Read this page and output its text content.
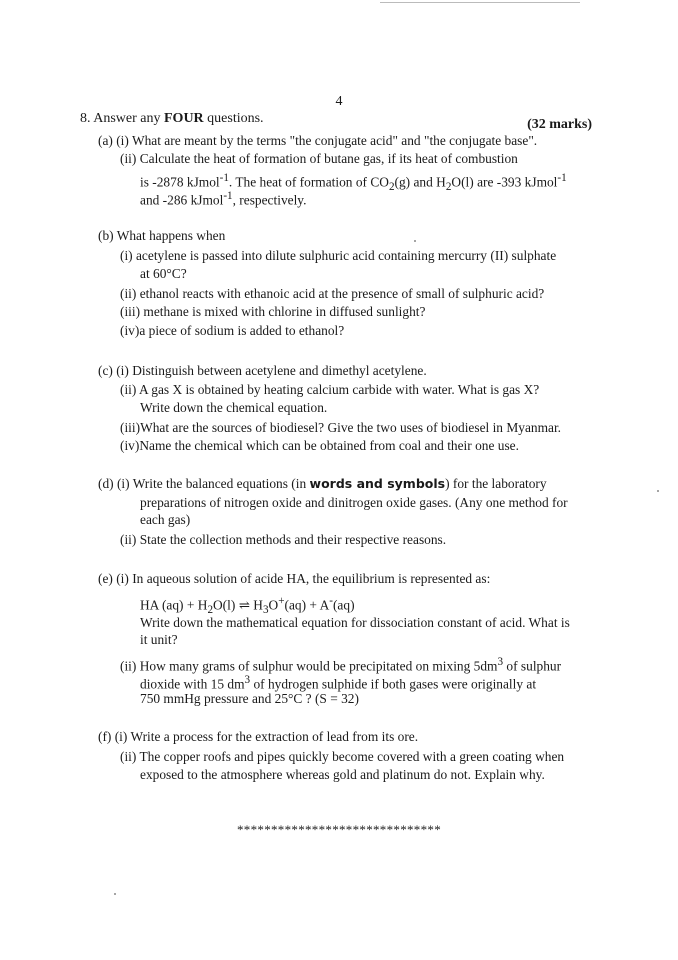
4
8. Answer any FOUR questions.	(32 marks)
(a) (i) What are meant by the terms "the conjugate acid" and "the conjugate base".
(ii) Calculate the heat of formation of butane gas, if its heat of combustion
is -2878 kJmol$^{-1}$. The heat of formation of $CO_2(g)$ and $H_2O(l)$ are -393 kJmol$^{-1}$
and -286 kJmol$^{-1}$, respectively.
(b) What happens when
(i) acetylene is passed into dilute sulphuric acid containing mercurry (II) sulphate
at 60°C?
(ii) ethanol reacts with ethanoic acid at the presence of small of sulphuric acid?
(iii) methane is mixed with chlorine in diffused sunlight?
(iv)a piece of sodium is added to ethanol?
(c) (i) Distinguish between acetylene and dimethyl acetylene.
(ii) A gas X is obtained by heating calcium carbide with water. What is gas X?
Write down the chemical equation.
(iii)What are the sources of biodiesel? Give the two uses of biodiesel in Myanmar.
(iv)Name the chemical which can be obtained from coal and their one use.
(d) (i) Write the balanced equations (in words and symbols) for the laboratory
preparations of nitrogen oxide and dinitrogen oxide gases. (Any one method for
each gas)
(ii) State the collection methods and their respective reasons.
(e) (i) In aqueous solution of acide HA, the equilibrium is represented as:
HA $(aq) + H_2O(l)$ ⇌ $H_3O^+(aq) + A^-(aq)$
Write down the mathematical equation for dissociation constant of acid. What is
it unit?
(ii) How many grams of sulphur would be precipitated on mixing $5dm^3$ of sulphur
dioxide with 15 $dm^3$ of hydrogen sulphide if both gases were originally at
750 mmHg pressure and 25°C ? (S = 32)
(f) (i) Write a process for the extraction of lead from its ore.
(ii) The copper roofs and pipes quickly become covered with a green coating when
exposed to the atmosphere whereas gold and platinum do not. Explain why.
******************************
